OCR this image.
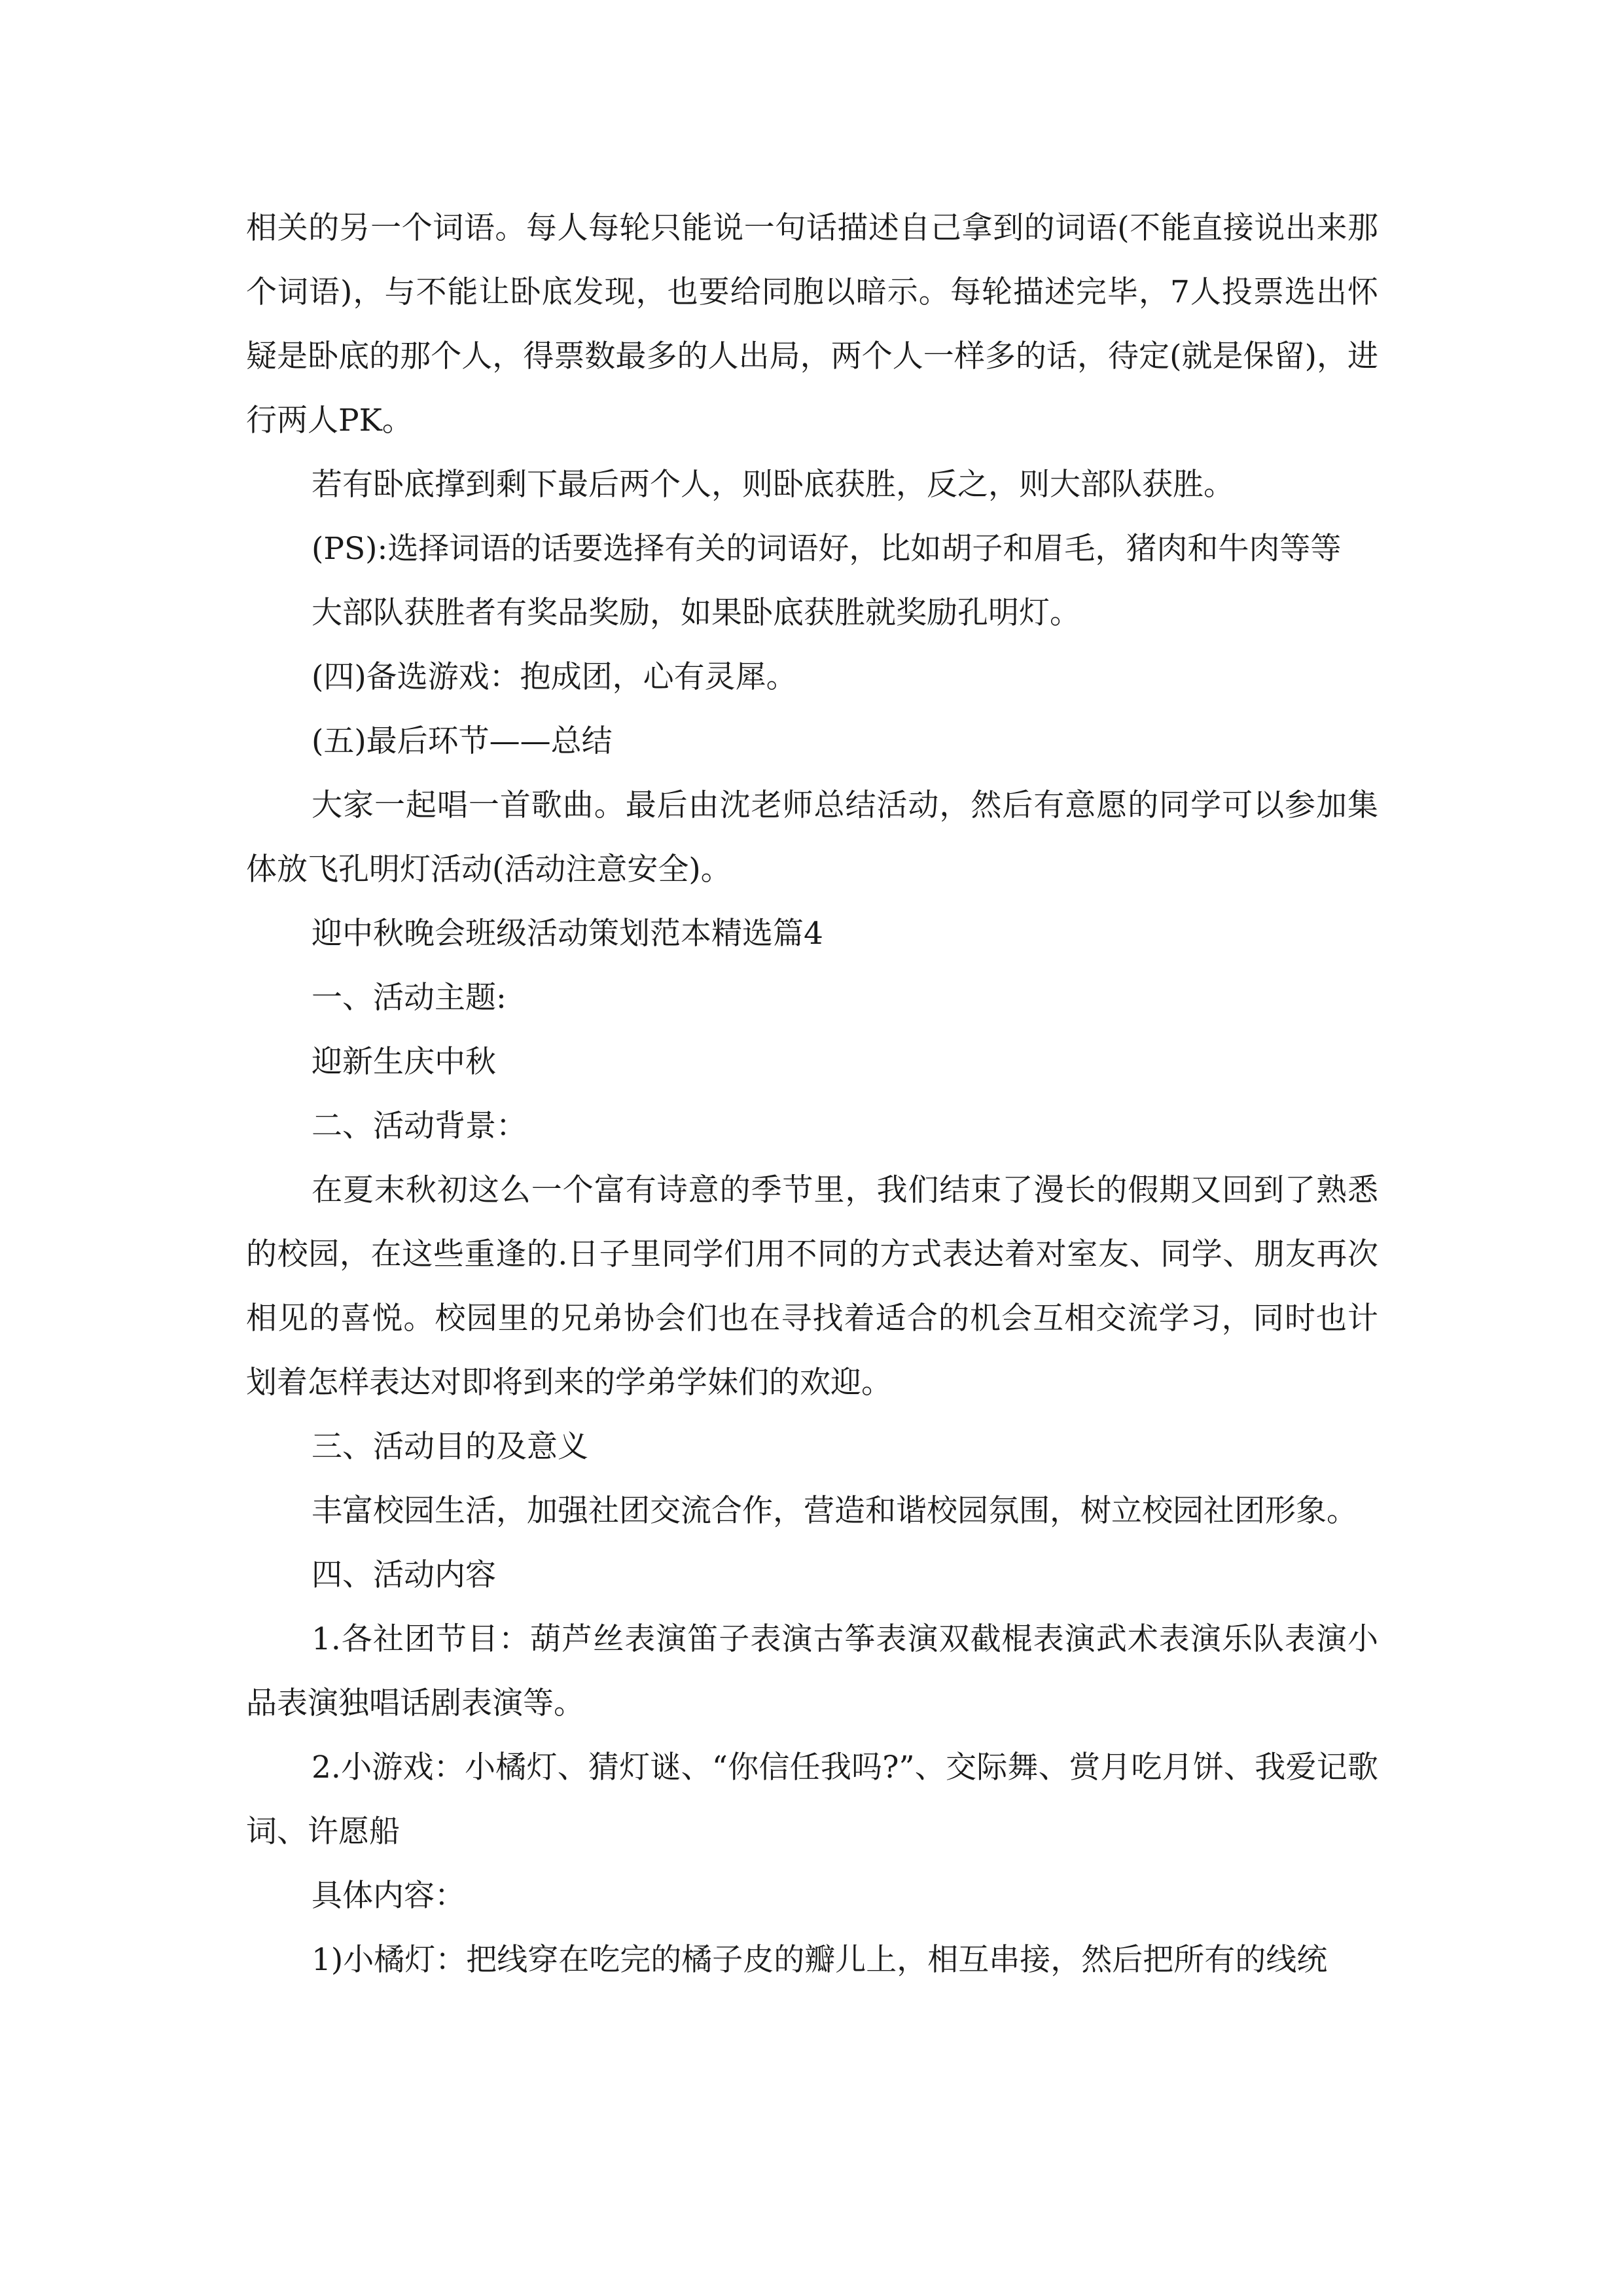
相关的另一个词语。每人每轮只能说一句话描述自己拿到的词语(不能直接说出来那个词语)，与不能让卧底发现，也要给同胞以暗示。每轮描述完毕，7人投票选出怀疑是卧底的那个人，得票数最多的人出局，两个人一样多的话，待定(就是保留)，进行两人PK。

若有卧底撑到剩下最后两个人，则卧底获胜，反之，则大部队获胜。

(PS):选择词语的话要选择有关的词语好，比如胡子和眉毛，猪肉和牛肉等等

大部队获胜者有奖品奖励，如果卧底获胜就奖励孔明灯。

(四)备选游戏：抱成团，心有灵犀。

(五)最后环节——总结

大家一起唱一首歌曲。最后由沈老师总结活动，然后有意愿的同学可以参加集体放飞孔明灯活动(活动注意安全)。

迎中秋晚会班级活动策划范本精选篇4

一、活动主题:

迎新生庆中秋

二、活动背景：

在夏末秋初这么一个富有诗意的季节里，我们结束了漫长的假期又回到了熟悉的校园，在这些重逢的.日子里同学们用不同的方式表达着对室友、同学、朋友再次相见的喜悦。校园里的兄弟协会们也在寻找着适合的机会互相交流学习，同时也计划着怎样表达对即将到来的学弟学妹们的欢迎。

三、活动目的及意义

丰富校园生活，加强社团交流合作，营造和谐校园氛围，树立校园社团形象。

四、活动内容

1.各社团节目：葫芦丝表演笛子表演古筝表演双截棍表演武术表演乐队表演小品表演独唱话剧表演等。

2.小游戏：小橘灯、猜灯谜、“你信任我吗?”、交际舞、赏月吃月饼、我爱记歌词、许愿船

具体内容：

1)小橘灯：把线穿在吃完的橘子皮的瓣儿上，相互串接，然后把所有的线统
